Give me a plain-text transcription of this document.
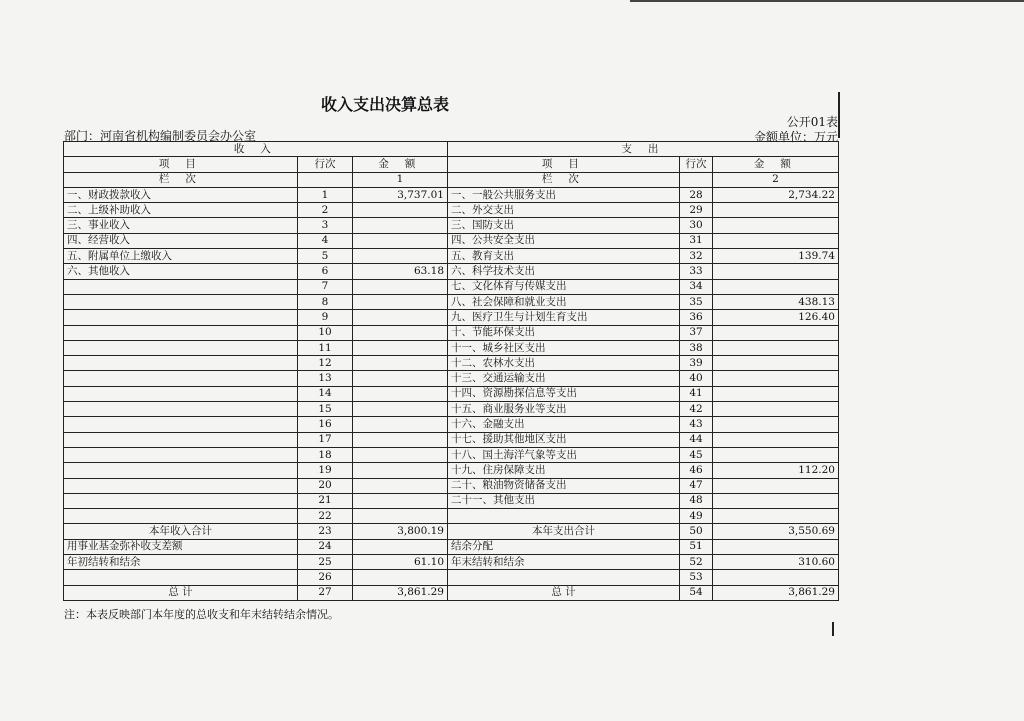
收入支出决算总表
公开01表
部门：河南省机构编制委员会办公室	金额单位：万元
收 入			支 出		
项 目	行次	金 额	项 目	行次	金 额
栏 次		1	栏 次		2
一、财政拨款收入	1	3,737.01	一、一般公共服务支出	28	2,734.22
二、上级补助收入	2		二、外交支出	29	
三、事业收入	3		三、国防支出	30	
四、经营收入	4		四、公共安全支出	31	
五、附属单位上缴收入	5		五、教育支出	32	139.74
六、其他收入	6	63.18	六、科学技术支出	33	
	7		七、文化体育与传媒支出	34	
	8		八、社会保障和就业支出	35	438.13
	9		九、医疗卫生与计划生育支出	36	126.40
	10		十、节能环保支出	37	
	11		十一、城乡社区支出	38	
	12		十二、农林水支出	39	
	13		十三、交通运输支出	40	
	14		十四、资源勘探信息等支出	41	
	15		十五、商业服务业等支出	42	
	16		十六、金融支出	43	
	17		十七、援助其他地区支出	44	
	18		十八、国土海洋气象等支出	45	
	19		十九、住房保障支出	46	112.20
	20		二十、粮油物资储备支出	47	
	21		二十一、其他支出	48	
	22			49	
本年收入合计	23	3,800.19	本年支出合计	50	3,550.69
用事业基金弥补收支差额	24		结余分配	51	
年初结转和结余	25	61.10	年末结转和结余	52	310.60
	26			53	
总 计	27	3,861.29	总 计	54	3,861.29
注：本表反映部门本年度的总收支和年末结转结余情况。
